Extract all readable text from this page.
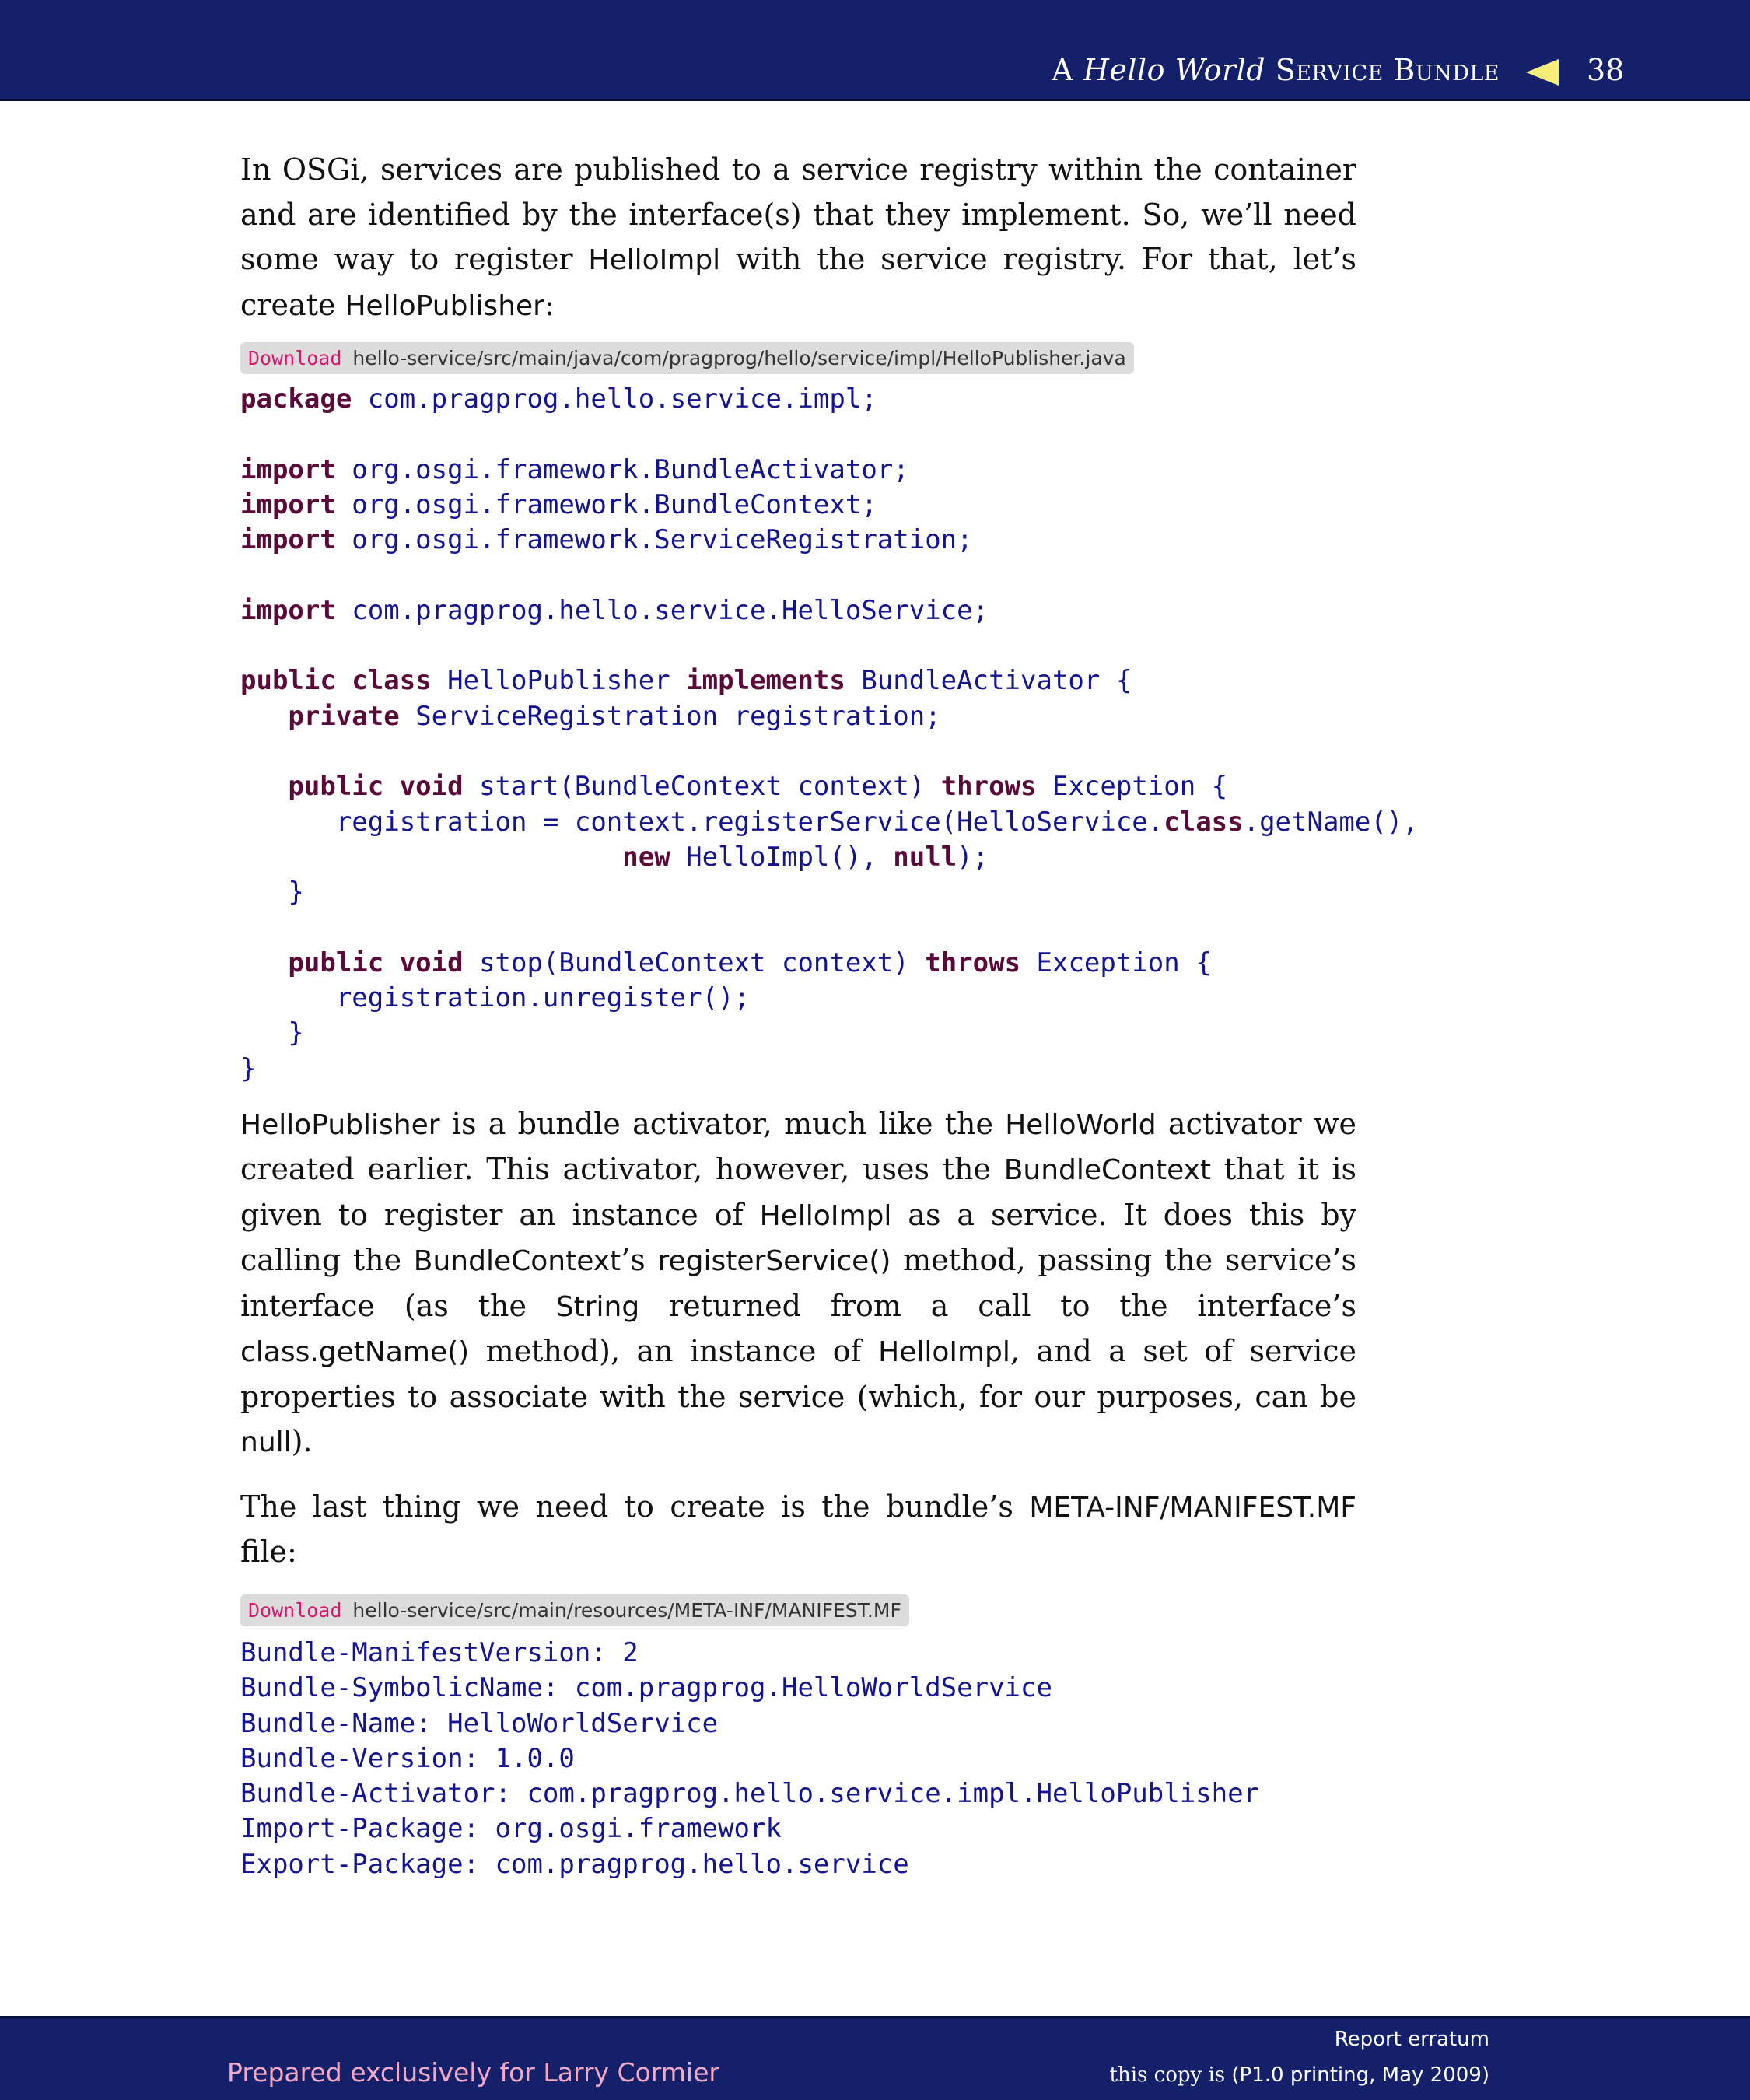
A Hello World Service Bundle	38

In OSGi, services are published to a service registry within the container and are identified by the interface(s) that they implement. So, we’ll need some way to register HelloImpl with the service registry. For that, let’s create HelloPublisher:

Download hello-service/src/main/java/com/pragprog/hello/service/impl/HelloPublisher.java
package com.pragprog.hello.service.impl;

import org.osgi.framework.BundleActivator;
import org.osgi.framework.BundleContext;
import org.osgi.framework.ServiceRegistration;

import com.pragprog.hello.service.HelloService;

public class HelloPublisher implements BundleActivator {
private ServiceRegistration registration;

public void start(BundleContext context) throws Exception {
registration = context.registerService(HelloService.class.getName(),
new HelloImpl(), null);
}

public void stop(BundleContext context) throws Exception {
registration.unregister();
}
}

HelloPublisher is a bundle activator, much like the HelloWorld activator we created earlier. This activator, however, uses the BundleContext that it is given to register an instance of HelloImpl as a service. It does this by calling the BundleContext’s registerService() method, passing the service’s interface (as the String returned from a call to the interface’s class.getName() method), an instance of HelloImpl, and a set of service properties to associate with the service (which, for our purposes, can be null).

The last thing we need to create is the bundle’s META-INF/MANIFEST.MF file:

Download hello-service/src/main/resources/META-INF/MANIFEST.MF
Bundle-ManifestVersion: 2
Bundle-SymbolicName: com.pragprog.HelloWorldService
Bundle-Name: HelloWorldService
Bundle-Version: 1.0.0
Bundle-Activator: com.pragprog.hello.service.impl.HelloPublisher
Import-Package: org.osgi.framework
Export-Package: com.pragprog.hello.service
Prepared exclusively for Larry Cormier
Report erratum
this copy is (P1.0 printing, May 2009)
